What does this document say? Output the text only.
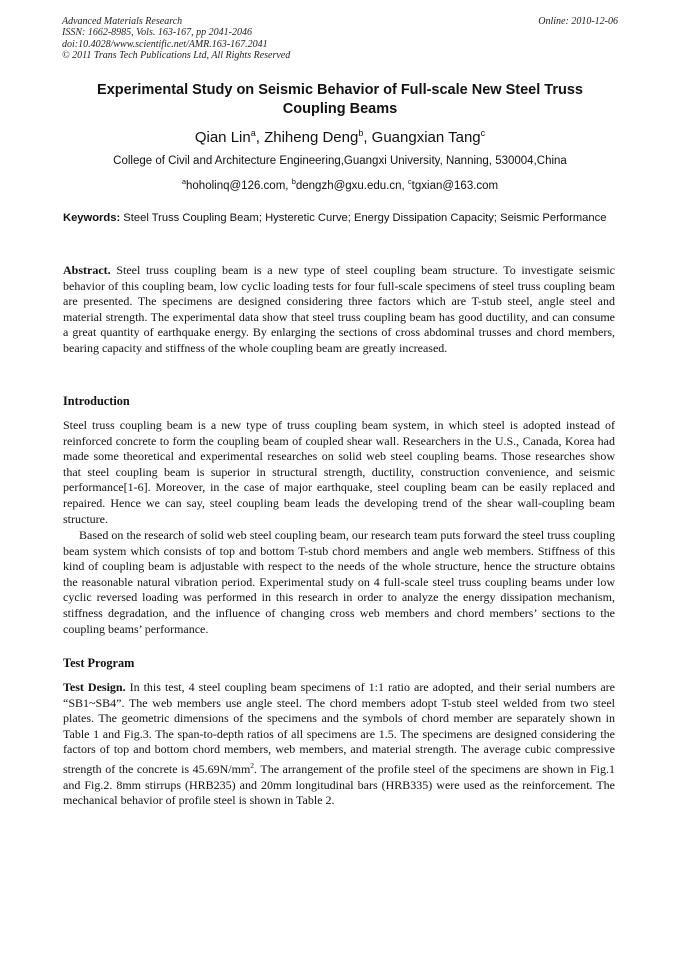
Advanced Materials Research
ISSN: 1662-8985, Vols. 163-167, pp 2041-2046
doi:10.4028/www.scientific.net/AMR.163-167.2041
© 2011 Trans Tech Publications Ltd, All Rights Reserved
Online: 2010-12-06
Experimental Study on Seismic Behavior of Full-scale New Steel Truss
Coupling Beams
Qian Lin$^a$, Zhiheng Deng$^b$, Guangxian Tang$^c$
College of Civil and Architecture Engineering,Guangxi University, Nanning, 530004,China
$^a$hoholinq@126.com, $^b$dengzh@gxu.edu.cn, $^c$tgxian@163.com
Keywords: Steel Truss Coupling Beam; Hysteretic Curve; Energy Dissipation Capacity; Seismic Performance
Abstract. Steel truss coupling beam is a new type of steel coupling beam structure. To investigate seismic behavior of this coupling beam, low cyclic loading tests for four full-scale specimens of steel truss coupling beam are presented. The specimens are designed considering three factors which are T-stub steel, angle steel and material strength. The experimental data show that steel truss coupling beam has good ductility, and can consume a great quantity of earthquake energy. By enlarging the sections of cross abdominal trusses and chord members, bearing capacity and stiffness of the whole coupling beam are greatly increased.
Introduction
Steel truss coupling beam is a new type of truss coupling beam system, in which steel is adopted instead of reinforced concrete to form the coupling beam of coupled shear wall. Researchers in the U.S., Canada, Korea had made some theoretical and experimental researches on solid web steel coupling beams. Those researches show that steel coupling beam is superior in structural strength, ductility, construction convenience, and seismic performance[1-6]. Moreover, in the case of major earthquake, steel coupling beam can be easily replaced and repaired. Hence we can say, steel coupling beam leads the developing trend of the shear wall-coupling beam structure.
Based on the research of solid web steel coupling beam, our research team puts forward the steel truss coupling beam system which consists of top and bottom T-stub chord members and angle web members. Stiffness of this kind of coupling beam is adjustable with respect to the needs of the whole structure, hence the structure obtains the reasonable natural vibration period. Experimental study on 4 full-scale steel truss coupling beams under low cyclic reversed loading was performed in this research in order to analyze the energy dissipation mechanism, stiffness degradation, and the influence of changing cross web members and chord members’ sections to the coupling beams’ performance.
Test Program
Test Design. In this test, 4 steel coupling beam specimens of 1:1 ratio are adopted, and their serial numbers are “SB1~SB4”. The web members use angle steel. The chord members adopt T-stub steel welded from two steel plates. The geometric dimensions of the specimens and the symbols of chord member are separately shown in Table 1 and Fig.3. The span-to-depth ratios of all specimens are 1.5. The specimens are designed considering the factors of top and bottom chord members, web members, and material strength. The average cubic compressive strength of the concrete is $45.69N/mm^2$. The arrangement of the profile steel of the specimens are shown in Fig.1 and Fig.2. 8mm stirrups (HRB235) and 20mm longitudinal bars (HRB335) were used as the reinforcement. The mechanical behavior of profile steel is shown in Table 2.
